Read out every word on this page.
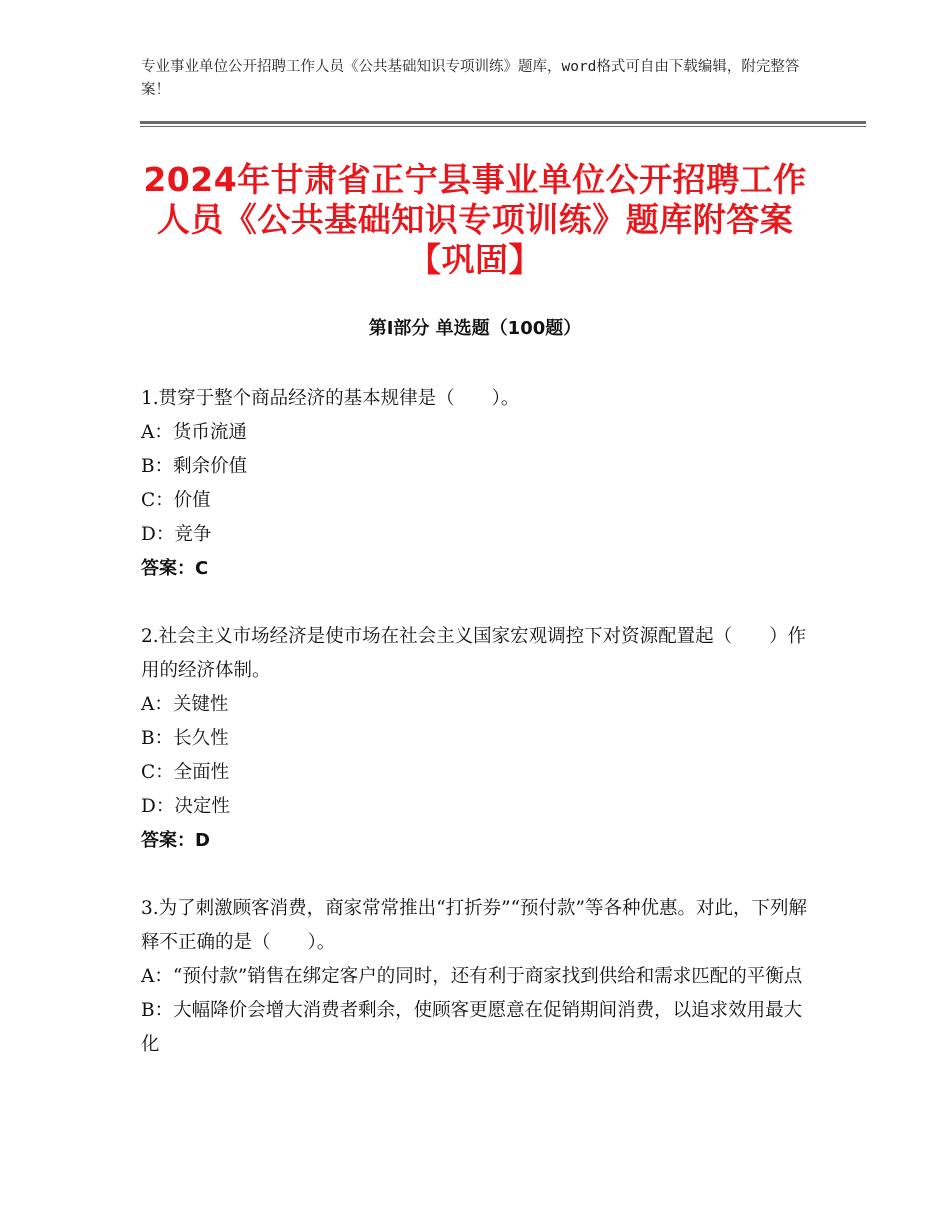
专业事业单位公开招聘工作人员《公共基础知识专项训练》题库，word格式可自由下载编辑，附完整答案！
2024年甘肃省正宁县事业单位公开招聘工作人员《公共基础知识专项训练》题库附答案【巩固】
第Ⅰ部分 单选题（100题）
1.贯穿于整个商品经济的基本规律是（　　）。
A：货币流通
B：剩余价值
C：价值
D：竞争
答案：C
2.社会主义市场经济是使市场在社会主义国家宏观调控下对资源配置起（　　）作用的经济体制。
A：关键性
B：长久性
C：全面性
D：决定性
答案：D
3.为了刺激顾客消费，商家常常推出“打折券”“预付款”等各种优惠。对此，下列解释不正确的是（　　）。
A：“预付款”销售在绑定客户的同时，还有利于商家找到供给和需求匹配的平衡点
B：大幅降价会增大消费者剩余，使顾客更愿意在促销期间消费，以追求效用最大化
